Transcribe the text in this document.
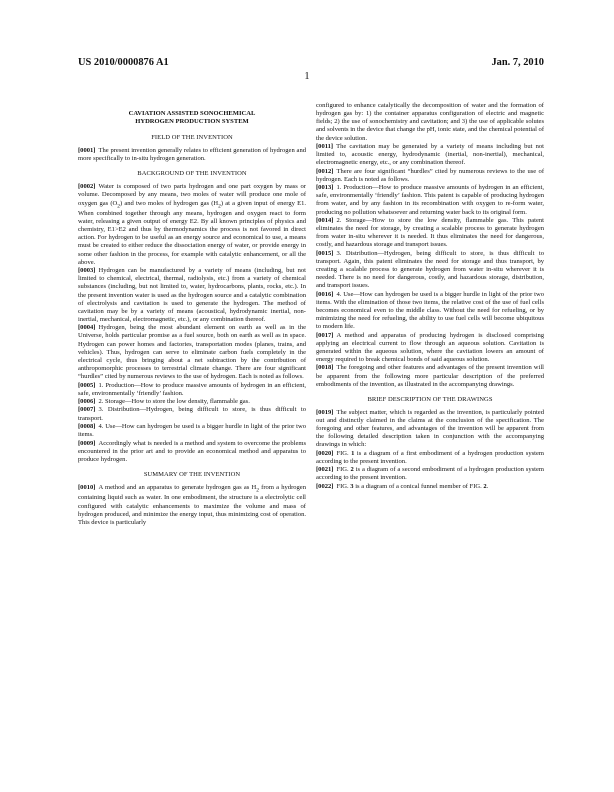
US 2010/0000876 A1	Jan. 7, 2010
1
CAVIATION ASSISTED SONOCHEMICAL
HYDROGEN PRODUCTION SYSTEM
FIELD OF THE INVENTION
[0001] The present invention generally relates to efficient generation of hydrogen and more specifically to in-situ hydrogen generation.
BACKGROUND OF THE INVENTION
[0002] Water is composed of two parts hydrogen and one part oxygen by mass or volume. Decomposed by any means, two moles of water will produce one mole of oxygen gas $(O_2)$ and two moles of hydrogen gas $(H_2)$ at a given input of energy E1. When combined together through any means, hydrogen and oxygen react to form water, releasing a given output of energy E2. By all known principles of physics and chemistry, E1>E2 and thus by thermodynamics the process is not favored in direct action. For hydrogen to be useful as an energy source and economical to use, a means must be created to either reduce the dissociation energy of water, or provide energy in some other fashion in the process, for example with catalytic enhancement, or all the above.
[0003] Hydrogen can be manufactured by a variety of means (including, but not limited to chemical, electrical, thermal, radiolysis, etc.) from a variety of chemical substances (including, but not limited to, water, hydrocarbons, plants, rocks, etc.). In the present invention water is used as the hydrogen source and a catalytic combination of electrolysis and cavitation is used to generate the hydrogen. The method of cavitation may be by a variety of means (acoustical, hydrodynamic inertial, non-inertial, mechanical, electromagnetic, etc.), or any combination thereof.
[0004] Hydrogen, being the most abundant element on earth as well as in the Universe, holds particular promise as a fuel source, both on earth as well as in space. Hydrogen can power homes and factories, transportation modes (planes, trains, and vehicles). Thus, hydrogen can serve to eliminate carbon fuels completely in the electrical cycle, thus bringing about a net subtraction by the contribution of anthropomorphic processes to terrestrial climate change. There are four significant “hurdles” cited by numerous reviews to the use of hydrogen. Each is noted as follows.
[0005] 1. Production—How to produce massive amounts of hydrogen in an efficient, safe, environmentally ‘friendly’ fashion.
[0006] 2. Storage—How to store the low density, flammable gas.
[0007] 3. Distribution—Hydrogen, being difficult to store, is thus difficult to transport.
[0008] 4. Use—How can hydrogen be used is a bigger hurdle in light of the prior two items.
[0009] Accordingly what is needed is a method and system to overcome the problems encountered in the prior art and to provide an economical method and apparatus to produce hydrogen.
SUMMARY OF THE INVENTION
[0010] A method and an apparatus to generate hydrogen gas as $H_2$ from a hydrogen containing liquid such as water. In one embodiment, the structure is a electrolytic cell configured with catalytic enhancements to maximize the volume and mass of hydrogen produced, and minimize the energy input, thus minimizing cost of operation. This device is particularly
configured to enhance catalytically the decomposition of water and the formation of hydrogen gas by: 1) the container apparatus configuration of electric and magnetic fields; 2) the use of sonochemistry and cavitation; and 3) the use of applicable solutes and solvents in the device that change the pH, ionic state, and the chemical potential of the device solution.
[0011] The cavitation may be generated by a variety of means including but not limited to, acoustic energy, hydrodynamic (inertial, non-inertial), mechanical, electromagnetic energy, etc., or any combination thereof.
[0012] There are four significant “hurdles” cited by numerous reviews to the use of hydrogen. Each is noted as follows.
[0013] 1. Production—How to produce massive amounts of hydrogen in an efficient, safe, environmentally ‘friendly’ fashion. This patent is capable of producing hydrogen from water, and by any fashion in its recombination with oxygen to re-form water, producing no pollution whatsoever and returning water back to its original form.
[0014] 2. Storage—How to store the low density, flammable gas. This patent eliminates the need for storage, by creating a scalable process to generate hydrogen from water in-situ wherever it is needed. It thus eliminates the need for dangerous, costly, and hazardous storage and transport issues.
[0015] 3. Distribution—Hydrogen, being difficult to store, is thus difficult to transport. Again, this patent eliminates the need for storage and thus transport, by creating a scalable process to generate hydrogen from water in-situ wherever it is needed. There is no need for dangerous, costly, and hazardous storage, distribution, and transport issues.
[0016] 4. Use—How can hydrogen be used is a bigger hurdle in light of the prior two items. With the elimination of those two items, the relative cost of the use of fuel cells becomes economical even to the middle class. Without the need for refueling, or by minimizing the need for refueling, the ability to use fuel cells will become ubiquitous to modern life.
[0017] A method and apparatus of producing hydrogen is disclosed comprising applying an electrical current to flow through an aqueous solution. Cavitation is generated within the aqueous solution, where the cavitation lowers an amount of energy required to break chemical bonds of said aqueous solution.
[0018] The foregoing and other features and advantages of the present invention will be apparent from the following more particular description of the preferred embodiments of the invention, as illustrated in the accompanying drawings.
BRIEF DESCRIPTION OF THE DRAWINGS
[0019] The subject matter, which is regarded as the invention, is particularly pointed out and distinctly claimed in the claims at the conclusion of the specification. The foregoing and other features, and advantages of the invention will be apparent from the following detailed description taken in conjunction with the accompanying drawings in which:
[0020] FIG. 1 is a diagram of a first embodiment of a hydrogen production system according to the present invention.
[0021] FIG. 2 is a diagram of a second embodiment of a hydrogen production system according to the present invention.
[0022] FIG. 3 is a diagram of a conical funnel member of FIG. 2.
